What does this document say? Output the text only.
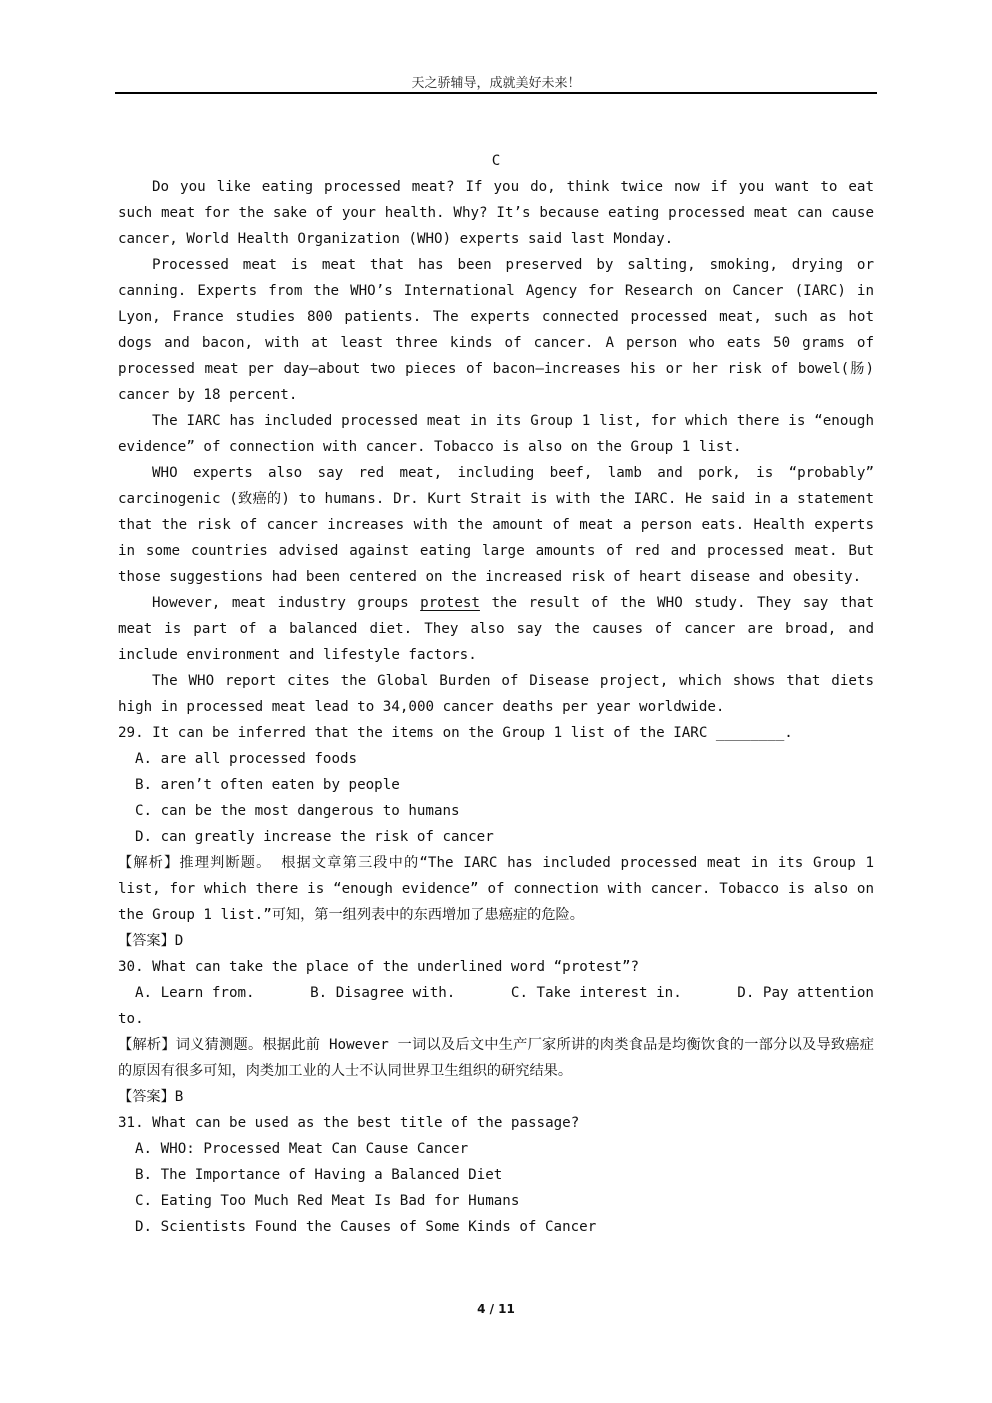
天之骄辅导，成就美好未来！
C

Do you like eating processed meat? If you do, think twice now if you want to eat such meat for the sake of your health. Why? It’s because eating processed meat can cause cancer, World Health Organization (WHO) experts said last Monday.

Processed meat is meat that has been preserved by salting, smoking, drying or canning. Experts from the WHO’s International Agency for Research on Cancer (IARC) in Lyon, France studies 800 patients. The experts connected processed meat, such as hot dogs and bacon, with at least three kinds of cancer. A person who eats 50 grams of processed meat per day—about two pieces of bacon—increases his or her risk of bowel(肠) cancer by 18 percent.

The IARC has included processed meat in its Group 1 list, for which there is “enough evidence” of connection with cancer. Tobacco is also on the Group 1 list.

WHO experts also say red meat, including beef, lamb and pork, is “probably” carcinogenic (致癌的) to humans. Dr. Kurt Strait is with the IARC. He said in a statement that the risk of cancer increases with the amount of meat a person eats. Health experts in some countries advised against eating large amounts of red and processed meat. But those suggestions had been centered on the increased risk of heart disease and obesity.

However, meat industry groups protest the result of the WHO study. They say that meat is part of a balanced diet. They also say the causes of cancer are broad, and include environment and lifestyle factors.

The WHO report cites the Global Burden of Disease project, which shows that diets high in processed meat lead to 34,000 cancer deaths per year worldwide.

29. It can be inferred that the items on the Group 1 list of the IARC ________.

A. are all processed foods

B. aren’t often eaten by people

C. can be the most dangerous to humans

D. can greatly increase the risk of cancer

【解析】推理判断题。 根据文章第三段中的“The IARC has included processed meat in its Group 1 list, for which there is “enough evidence” of connection with cancer. Tobacco is also on the Group 1 list.”可知，第一组列表中的东西增加了患癌症的危险。

【答案】D

30. What can take the place of the underlined word “protest”?

A. Learn from.	B. Disagree with.	C. Take interest in.	D. Pay attention

to.

【解析】词义猜测题。根据此前 However 一词以及后文中生产厂家所讲的肉类食品是均衡饮食的一部分以及导致癌症的原因有很多可知，肉类加工业的人士不认同世界卫生组织的研究结果。

【答案】B

31. What can be used as the best title of the passage?

A. WHO: Processed Meat Can Cause Cancer

B. The Importance of Having a Balanced Diet

C. Eating Too Much Red Meat Is Bad for Humans

D. Scientists Found the Causes of Some Kinds of Cancer

4 / 11
